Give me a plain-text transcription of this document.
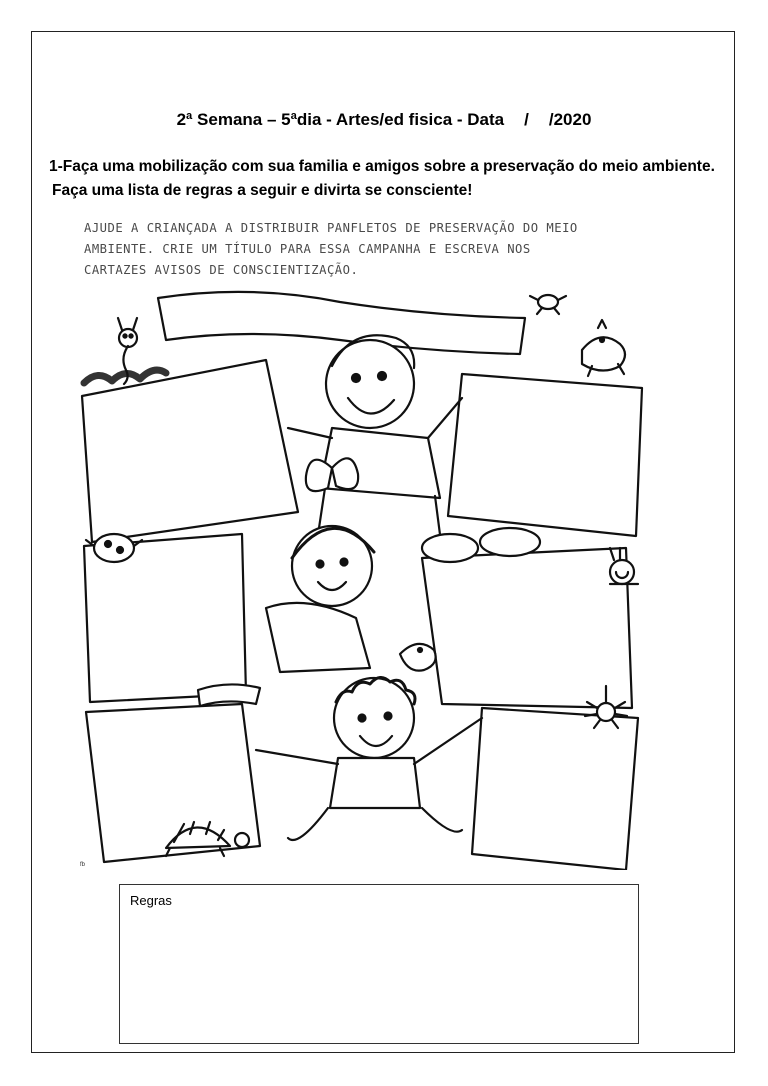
2ª Semana – 5ªdia - Artes/ed fisica - Data / /2020
1-Faça uma mobilização com sua familia e amigos sobre a preservação do meio ambiente.
Faça uma lista de regras a seguir e divirta se consciente!
AJUDE A CRIANÇADA A DISTRIBUIR PANFLETOS DE PRESERVAÇÃO DO MEIO
AMBIENTE. CRIE UM TÍTULO PARA ESSA CAMPANHA E ESCREVA NOS
CARTAZES AVISOS DE CONSCIENTIZAÇÃO.
fb
Regras
